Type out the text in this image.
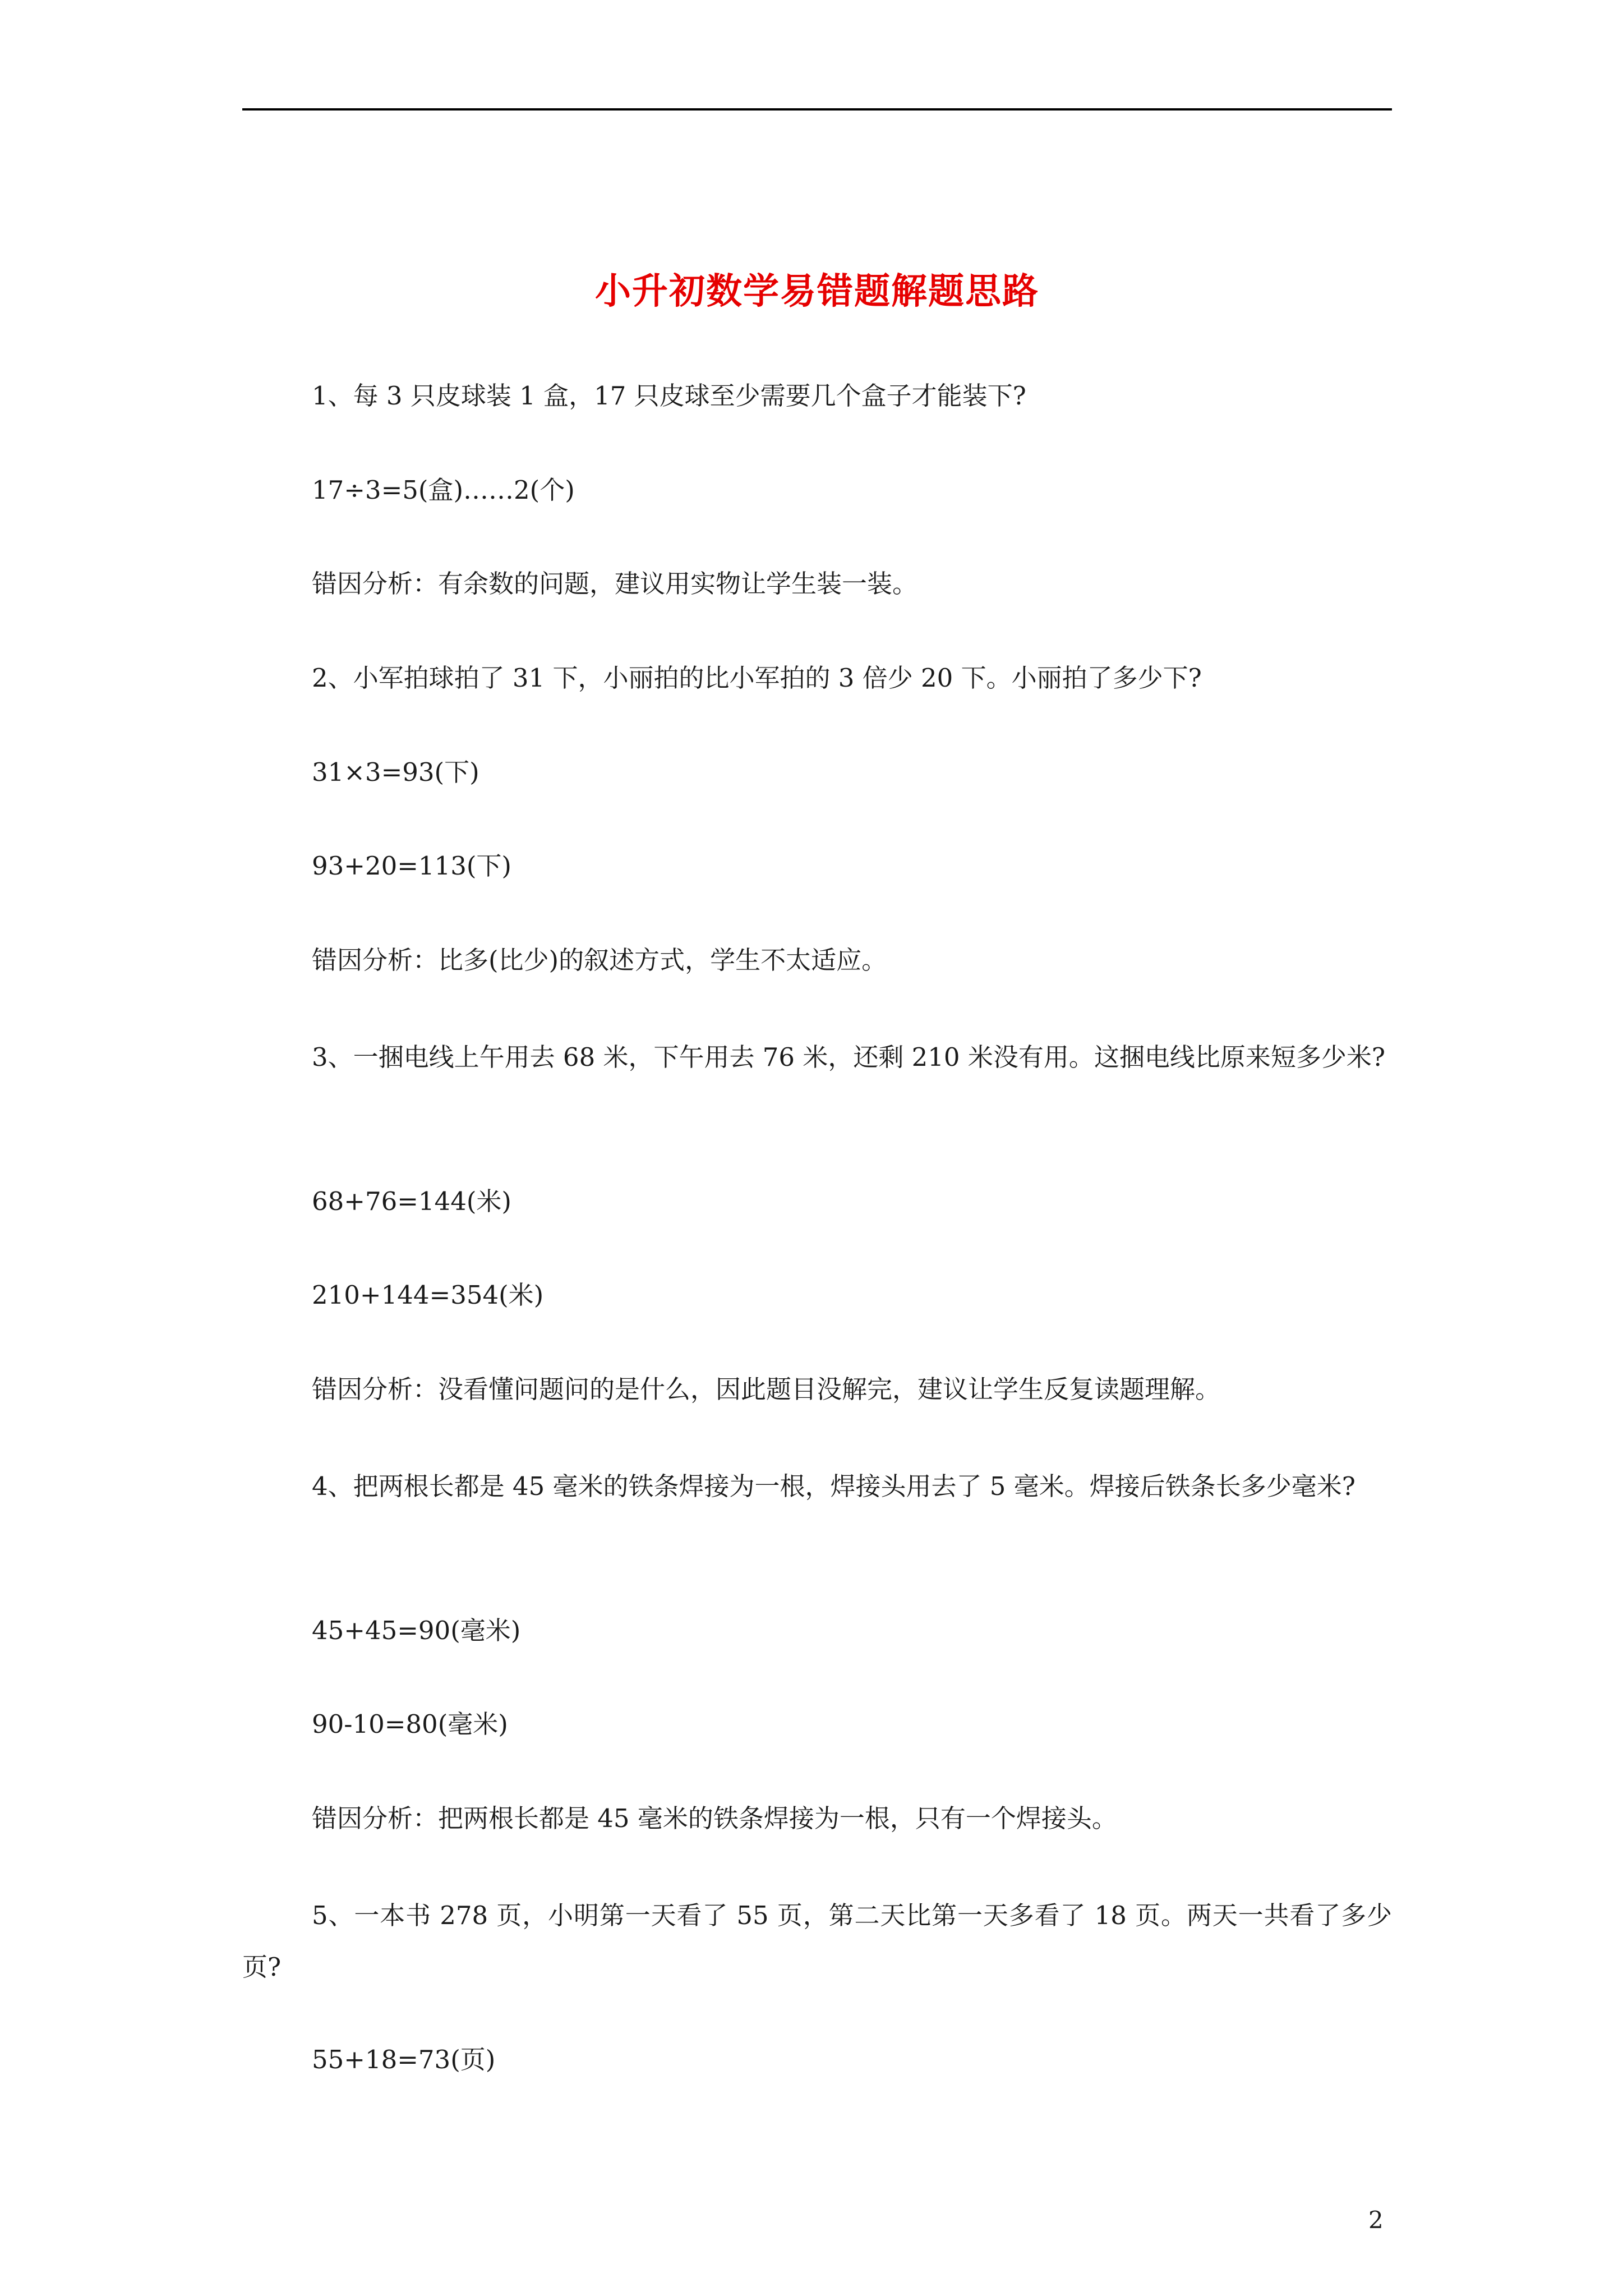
小升初数学易错题解题思路

1、每 3 只皮球装 1 盒，17 只皮球至少需要几个盒子才能装下?

17÷3=5(盒)……2(个)

错因分析：有余数的问题，建议用实物让学生装一装。

2、小军拍球拍了 31 下，小丽拍的比小军拍的 3 倍少 20 下。小丽拍了多少下?

31×3=93(下)

93+20=113(下)

错因分析：比多(比少)的叙述方式，学生不太适应。

3、一捆电线上午用去 68 米，下午用去 76 米，还剩 210 米没有用。这捆电线比原来短多少米?

68+76=144(米)

210+144=354(米)

错因分析：没看懂问题问的是什么，因此题目没解完，建议让学生反复读题理解。

4、把两根长都是 45 毫米的铁条焊接为一根，焊接头用去了 5 毫米。焊接后铁条长多少毫米?

45+45=90(毫米)

90-10=80(毫米)

错因分析：把两根长都是 45 毫米的铁条焊接为一根，只有一个焊接头。

5、一本书 278 页，小明第一天看了 55 页，第二天比第一天多看了 18 页。两天一共看了多少页?

55+18=73(页)

2
